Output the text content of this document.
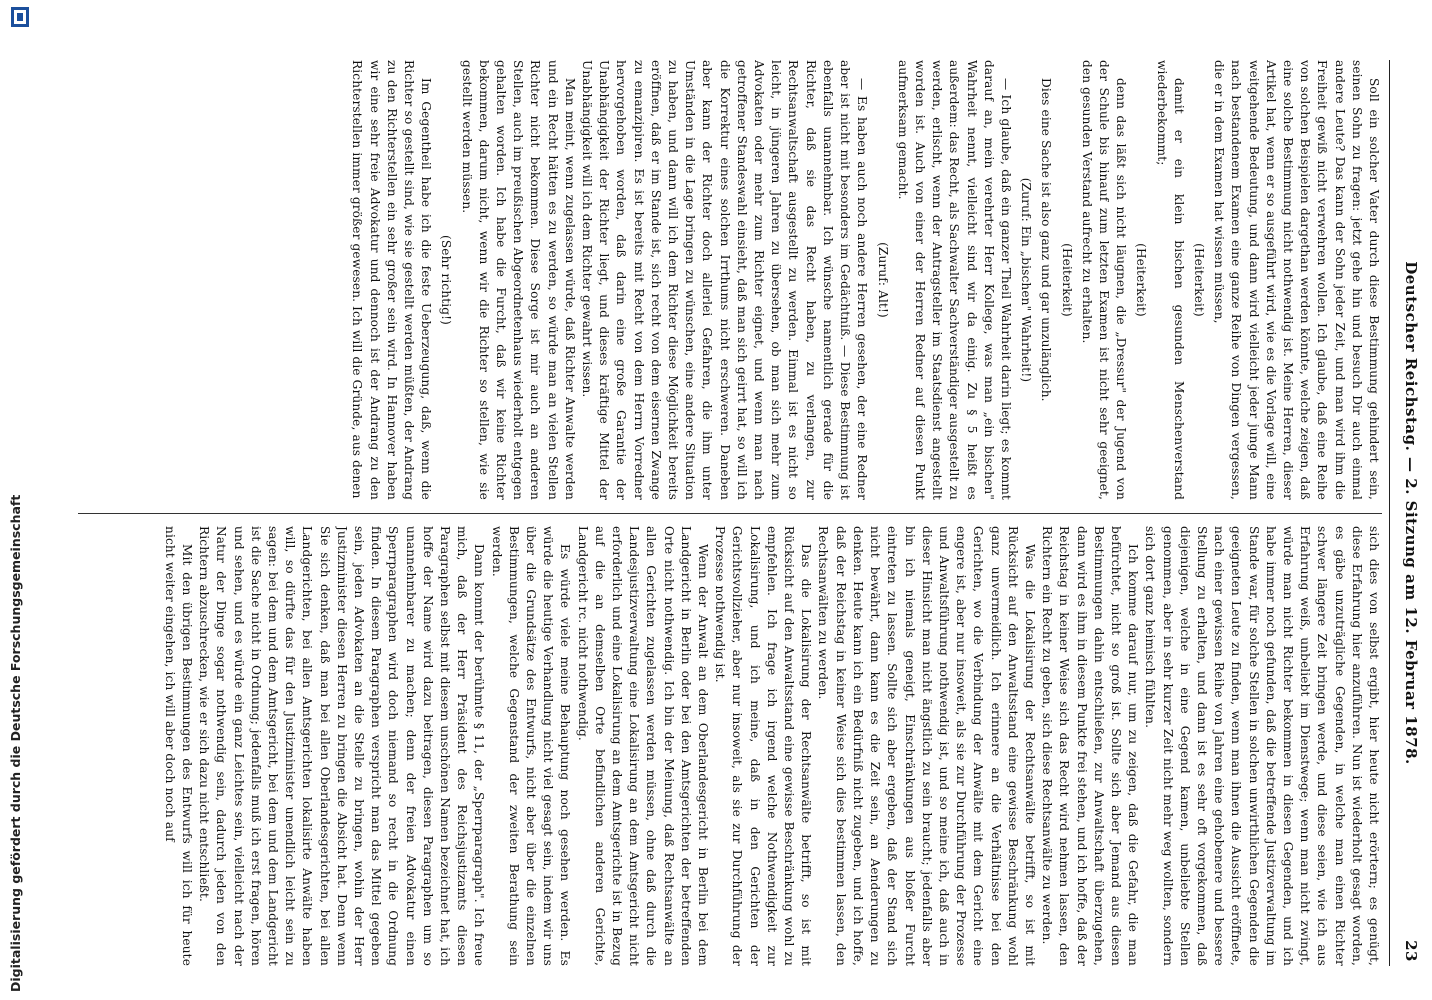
Digitalisierung gefördert durch die Deutsche Forschungsgemeinschaft	Deutscher Reichstag. — 2. Sitzung am 12. Februar 1878.
23

Soll ein solcher Vater durch diese Bestimmung gehindert sein, seinen Sohn zu fragen: jetzt gehe hin und besuch Dir auch einmal andere Leute? Das kann der Sohn jeder Zeit, und man wird ihm die Freiheit gewiß nicht verwehren wollen. Ich glaube, daß eine Reihe von solchen Beispielen dargethan werden könnte, welche zeigen, daß eine solche Bestimmung nicht nothwendig ist. Meine Herren, dieser Artikel hat, wenn er so ausgeführt wird, wie es die Vorlage will, eine weitgehende Bedeutung, und dann wird vielleicht jeder junge Mann nach bestandenem Examen eine ganze Reihe von Dingen vergessen, die er in dem Examen hat wissen müssen,

(Heiterkeit)

damit er ein klein bischen gesunden Menschenverstand wiederbekommt;

(Heiterkeit)

denn das läßt sich nicht läugnen, die „Dressur" der Jugend von der Schule bis hinauf zum letzten Examen ist nicht sehr geeignet, den gesunden Verstand aufrecht zu erhalten.

(Heiterkeit)

Dies eine Sache ist also ganz und gar unzulänglich.

(Zuruf: Ein „bischen" Wahrheit!)

— Ich glaube, daß ein ganzer Theil Wahrheit darin liegt; es kommt darauf an, mein verehrter Herr Kollege, was man „ein bischen" Wahrheit nennt, vielleicht sind wir da einig. Zu § 5 heißt es außerdem: das Recht, als Sachwalter Sachverständiger ausgestellt zu werden, erlischt, wenn der Antragsteller im Staatsdienst angestellt worden ist. Auch von einer der Herren Redner auf diesen Punkt aufmerksam gemacht.

(Zuruf: Alt!)

— Es haben auch noch andere Herren gesehen, der eine Redner aber ist nicht mit besonders im Gedächtniß. — Diese Bestimmung ist ebenfalls unannehmbar. Ich wünsche namentlich gerade für die Richter, daß sie das Recht haben, zu verlangen, zur Rechtsanwaltschaft ausgestellt zu werden. Einmal ist es nicht so leicht, in jüngeren Jahren zu übersehen, ob man sich mehr zum Advokaten oder mehr zum Richter eignet, und wenn man nach getroffener Standeswahl einsieht, daß man sich geirrt hat, so will ich die Korrektur eines solchen Irrthums nicht erschweren. Daneben aber kann der Richter doch allerlei Gefahren, die ihm unter Umständen in die Lage bringen zu wünschen, eine andere Situation zu haben, und dann will ich dem Richter diese Möglichkeit bereits eröffnen, daß er im Stande ist, sich recht von dem eisernen Zwange zu emanzipiren. Es ist bereits mit Recht von dem Herrn Vorredner hervorgehoben worden, daß darin eine große Garantie der Unabhängigkeit der Richter liegt, und dieses kräftige Mittel der Unabhängigkeit will ich dem Richter gewahrt wissen.

Man meint, wenn zugelassen würde, daß Richter Anwalte werden und ein Recht hätten es zu werden, so würde man an vielen Stellen Richter nicht bekommen. Diese Sorge ist mir auch an anderen Stellen, auch im preußischen Abgeordnetenhaus wiederholt entgegen gehalten worden. Ich habe die Furcht, daß wir keine Richter bekommen, darum nicht, wenn wir die Richter so stellen, wie sie gestellt werden müssen.

(Sehr richtig!)

Im Gegentheil habe ich die feste Ueberzeugung, daß, wenn die Richter so gestellt sind, wie sie gestellt werden müßten, der Andrang zu den Richterstellen ein sehr großer sein wird. In Hannover haben wir eine sehr freie Advokatur und dennoch ist der Andrang zu den Richterstellen immer größer gewesen. Ich will die Gründe, aus denen

sich dies von selbst ergibt, hier heute nicht erörtern; es genügt, diese Erfahrung hier anzuführen. Nun ist wiederholt gesagt worden, es gäbe unzuträgliche Gegenden, in welche man einen Richter schwer längere Zeit bringen werde, und diese seien, wie ich aus Erfahrung weiß, unbeliebt im Dienstwege; wenn man nicht zwingt, würde man nicht Richter bekommen in diesen Gegenden, und ich habe immer noch gefunden, daß die betreffende Justizverwaltung im Stande war, für solche Stellen in solchen unwirthlichen Gegenden die geeigneten Leute zu finden, wenn man ihnen die Aussicht eröffnete, nach einer gewissen Reihe von Jahren eine gehobenere und bessere Stellung zu erhalten, und dann ist es sehr oft vorgekommen, daß diejenigen, welche in eine Gegend kamen, unbeliebte Stellen genommen, aber in sehr kurzer Zeit nicht mehr weg wollten, sondern sich dort ganz heimisch fühlten.

Ich komme darauf nur, um zu zeigen, daß die Gefahr, die man befürchtet, nicht so groß ist. Sollte sich aber Jemand aus diesen Bestimmungen dahin entschließen, zur Anwaltschaft überzugehen, dann wird es ihm in diesem Punkte frei stehen, und ich hoffe, daß der Reichstag in keiner Weise sich das Recht wird nehmen lassen, den Richtern ein Recht zu geben, sich diese Rechtsanwälte zu werden.

Was die Lokalisirung der Rechtsanwälte betrifft, so ist mit Rücksicht auf den Anwaltsstand eine gewisse Beschränkung wohl ganz unvermeidlich. Ich erinnere an die Verhältnisse bei den Gerichten, wo die Verbindung der Anwälte mit dem Gericht eine engere ist, aber nur insoweit, als sie zur Durchführung der Prozesse und Anwaltsführung nothwendig ist, und so meine ich, daß auch in dieser Hinsicht man nicht ängstlich zu sein braucht; jedenfalls aber bin ich niemals geneigt, Einschränkungen aus bloßer Furcht eintreten zu lassen. Sollte sich aber ergeben, daß der Stand sich nicht bewährt, dann kann es die Zeit sein, an Aenderungen zu denken. Heute kann ich ein Bedürfniß nicht zugeben, und ich hoffe, daß der Reichstag in keiner Weise sich dies bestimmen lassen, den Rechtsanwälten zu werden.

Das die Lokalisirung der Rechtsanwälte betrifft, so ist mit Rücksicht auf den Anwaltsstand eine gewisse Beschränkung wohl zu empfehlen. Ich frage ich irgend welche Nothwendigkeit zur Lokalisirung, und ich meine, daß in den Gerichten der Gerichtsvollzieher, aber nur insoweit, als sie zur Durchführung der Prozesse nothwendig ist.

Wenn der Anwalt an dem Oberlandesgericht in Berlin bei dem Landgericht in Berlin oder bei den Amtsgerichten der betreffenden Orte nicht nothwendig. Ich bin der Meinung, daß Rechtsanwälte an allen Gerichten zugelassen werden müssen, ohne daß durch die Landesjustizverwaltung eine Lokalisirung an dem Amtsgericht nicht erforderlich und eine Lokalisirung an dem Amtsgerichte ist in Bezug auf die an demselben Orte befindlichen anderen Gerichte, Landgericht rc. nicht nothwendig.

Es würde viele meine Behauptung noch gesehen werden. Es würde die heutige Verhandlung nicht viel gesagt sein, indem wir uns über die Grundsätze des Entwurfs, nicht aber über die einzelnen Bestimmungen, welche Gegenstand der zweiten Berathung sein werden.

Dann kommt der berühmte § 11, der „Sperrparagraph". Ich freue mich, daß der Herr Präsident des Reichsjustizamts diesen Paragraphen selbst mit diesem unschönen Namen bezeichnet hat, ich hoffe der Name wird dazu beitragen, diesen Paragraphen um so unannehmbarer zu machen; denn der freien Advokatur einen Sperrparagraphen wird doch niemand so recht in die Ordnung finden. In diesem Paragraphen verspricht man das Mittel gegeben sein, jeden Advokaten an die Stelle zu bringen, wohin der Herr Justizminister diesen Herren zu bringen die Absicht hat. Denn wenn Sie sich denken, daß man bei allen Oberlandesgerichten, bei allen Landgerichten, bei allen Amtsgerichten lokalisirte Anwälte haben will, so dürfte das für den Justizminister unendlich leicht sein zu sagen: bei dem und dem Amtsgericht, bei dem und dem Landgericht ist die Sache nicht in Ordnung; jedenfalls muß ich erst fragen, hören und sehen, und es würde ein ganz Leichtes sein, vielleicht nach der Natur der Dinge sogar nothwendig sein, dadurch jeden von den Richtern abzuschrecken, wie er sich dazu nicht entschließt.

Mit den übrigen Bestimmungen des Entwurfs will ich für heute nicht weiter eingehen, ich will aber doch noch auf
